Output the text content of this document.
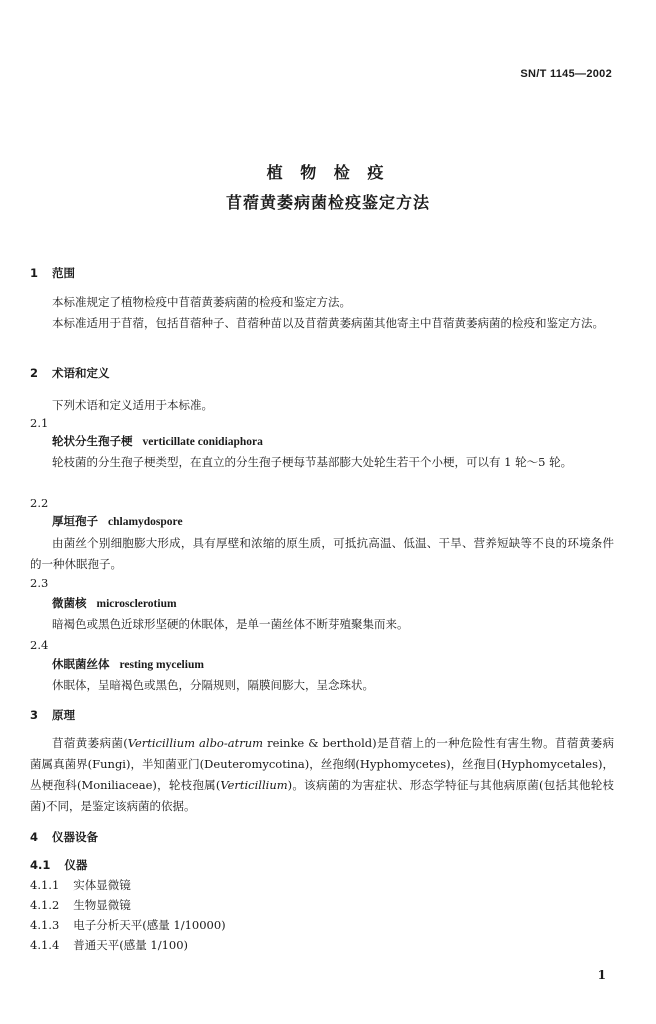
SN/T 1145—2002
植 物 检 疫
苜蓿黄萎病菌检疫鉴定方法
1 范围
本标准规定了植物检疫中苜蓿黄萎病菌的检疫和鉴定方法。
本标准适用于苜蓿，包括苜蓿种子、苜蓿种苗以及苜蓿黄萎病菌其他寄主中苜蓿黄萎病菌的检疫和鉴定方法。
2 术语和定义
下列术语和定义适用于本标准。
2.1
轮状分生孢子梗 verticillate conidiaphora
轮枝菌的分生孢子梗类型，在直立的分生孢子梗每节基部膨大处轮生若干个小梗，可以有 1 轮～5 轮。
2.2
厚垣孢子 chlamydospore
由菌丝个别细胞膨大形成，具有厚壁和浓缩的原生质，可抵抗高温、低温、干旱、营养短缺等不良的环境条件的一种休眠孢子。
2.3
微菌核 microsclerotium
暗褐色或黑色近球形坚硬的休眠体，是单一菌丝体不断芽殖聚集而来。
2.4
休眠菌丝体 resting mycelium
休眠体，呈暗褐色或黑色，分隔规则，隔膜间膨大，呈念珠状。
3 原理
苜蓿黄萎病菌(Verticillium albo-atrum reinke & berthold)是苜蓿上的一种危险性有害生物。苜蓿黄萎病菌属真菌界(Fungi)，半知菌亚门(Deuteromycotina)，丝孢纲(Hyphomycetes)，丝孢目(Hyphomycetales)，丛梗孢科(Moniliaceae)，轮枝孢属(Verticillium)。该病菌的为害症状、形态学特征与其他病原菌(包括其他轮枝菌)不同，是鉴定该病菌的依据。
4 仪器设备
4.1 仪器
4.1.1 实体显微镜
4.1.2 生物显微镜
4.1.3 电子分析天平(感量 1/10000)
4.1.4 普通天平(感量 1/100)
1
